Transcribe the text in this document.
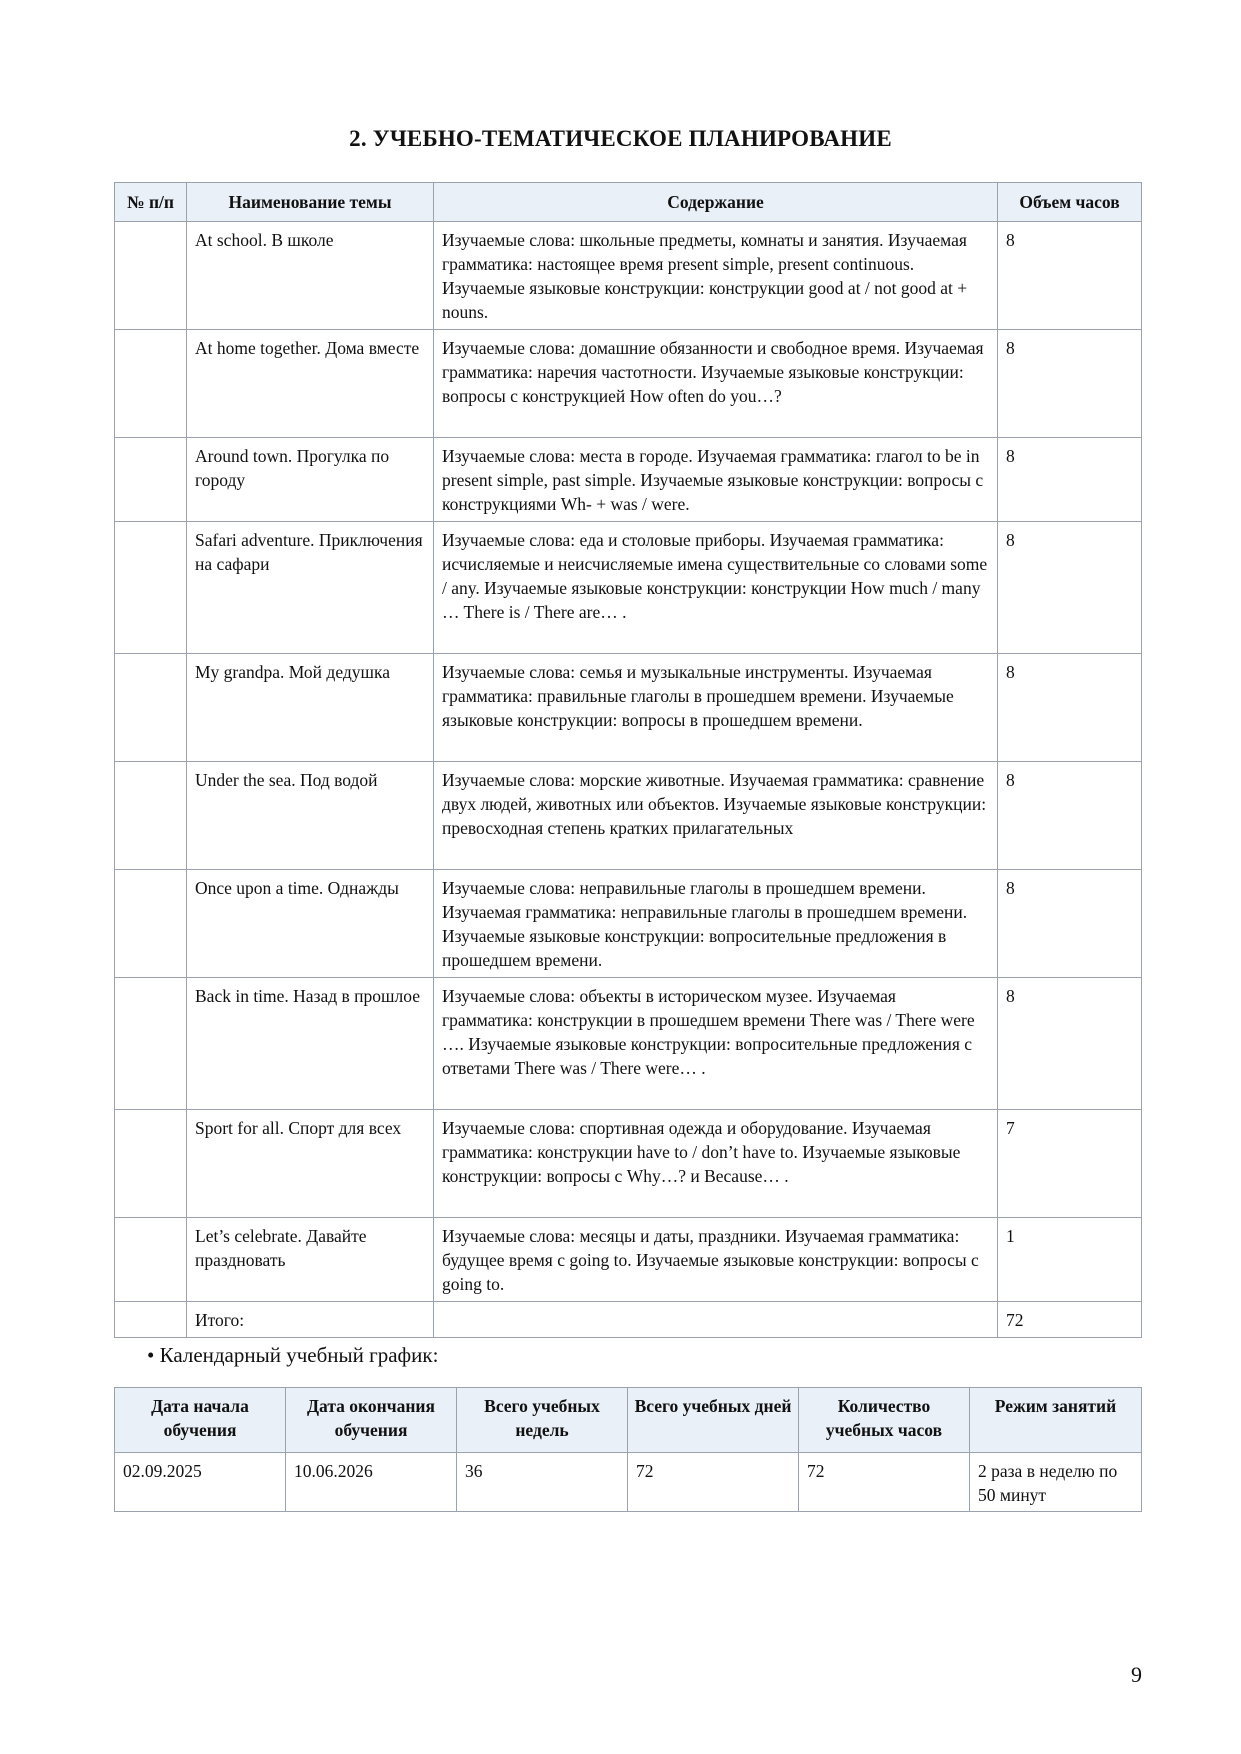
2. УЧЕБНО-ТЕМАТИЧЕСКОЕ ПЛАНИРОВАНИЕ
№ п/п	Наименование темы	Содержание	Объем часов
	At school. В школе	Изучаемые слова: школьные предметы, комнаты и занятия. Изучаемая грамматика: настоящее время present simple, present continuous. Изучаемые языковые конструкции: конструкции good at / not good at + nouns.	8
	At home together. Дома вместе	Изучаемые слова: домашние обязанности и свободное время. Изучаемая грамматика: наречия частотности. Изучаемые языковые конструкции: вопросы с конструкцией How often do you…?	8
	Around town. Прогулка по городу	Изучаемые слова: места в городе. Изучаемая грамматика: глагол to be in present simple, past simple. Изучаемые языковые конструкции: вопросы с конструкциями Wh- + was / were.	8
	Safari adventure. Приключения на сафари	Изучаемые слова: еда и столовые приборы. Изучаемая грамматика: исчисляемые и неисчисляемые имена существительные со словами some / any. Изучаемые языковые конструкции: конструкции How much / many … There is / There are… .	8
	My grandpa. Мой дедушка	Изучаемые слова: семья и музыкальные инструменты. Изучаемая грамматика: правильные глаголы в прошедшем времени. Изучаемые языковые конструкции: вопросы в прошедшем времени.	8
	Under the sea. Под водой	Изучаемые слова: морские животные. Изучаемая грамматика: сравнение двух людей, животных или объектов. Изучаемые языковые конструкции: превосходная степень кратких прилагательных	8
	Once upon a time. Однажды	Изучаемые слова: неправильные глаголы в прошедшем времени. Изучаемая грамматика: неправильные глаголы в прошедшем времени. Изучаемые языковые конструкции: вопросительные предложения в прошедшем времени.	8
	Back in time. Назад в прошлое	Изучаемые слова: объекты в историческом музее. Изучаемая грамматика: конструкции в прошедшем времени There was / There were …. Изучаемые языковые конструкции: вопросительные предложения с ответами There was / There were… .	8
	Sport for all. Спорт для всех	Изучаемые слова: спортивная одежда и оборудование. Изучаемая грамматика: конструкции have to / don’t have to. Изучаемые языковые конструкции: вопросы с Why…? и Because… .	7
	Let’s celebrate. Давайте праздновать	Изучаемые слова: месяцы и даты, праздники. Изучаемая грамматика: будущее время с going to. Изучаемые языковые конструкции: вопросы с going to.	1
	Итого:		72
• Календарный учебный график:
Дата начала обучения	Дата окончания обучения	Всего учебных недель	Всего учебных дней	Количество учебных часов	Режим занятий
02.09.2025	10.06.2026	36	72	72	2 раза в неделю по 50 минут
9
